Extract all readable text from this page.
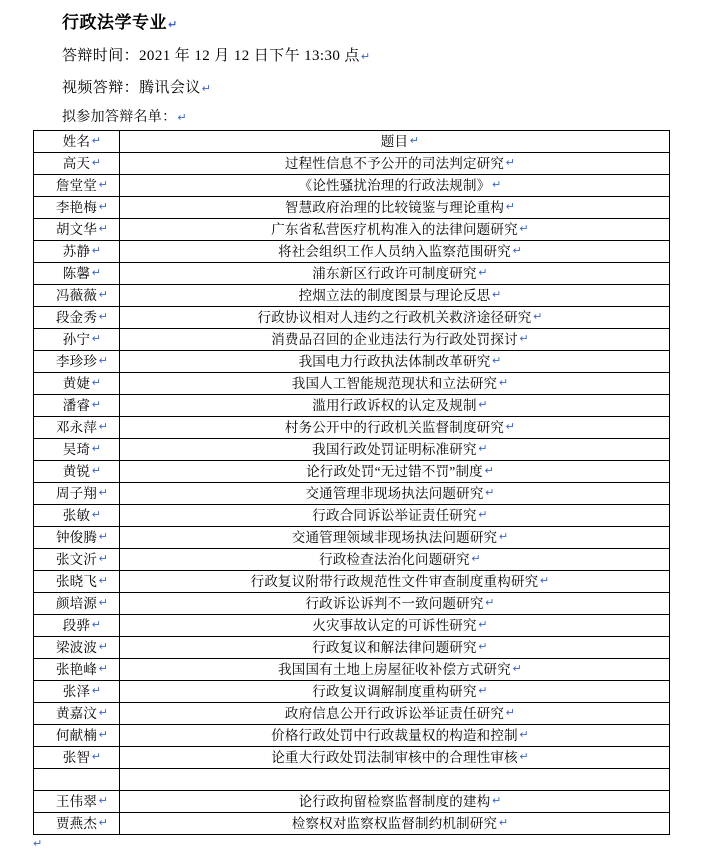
行政法学专业↵
答辩时间：2021 年 12 月 12 日下午 13:30 点↵
视频答辩：腾讯会议↵
拟参加答辩名单：↵
姓名 ↵	题目 ↵

高天 ↵	过程性信息不予公开的司法判定研究 ↵

詹堂堂 ↵	《论性骚扰治理的行政法规制》 ↵

李艳梅 ↵	智慧政府治理的比较镜鉴与理论重构 ↵

胡文华 ↵	广东省私营医疗机构准入的法律问题研究 ↵

苏静 ↵	将社会组织工作人员纳入监察范围研究 ↵

陈馨 ↵	浦东新区行政许可制度研究 ↵

冯薇薇 ↵	控烟立法的制度图景与理论反思 ↵

段金秀 ↵	行政协议相对人违约之行政机关救济途径研究 ↵

孙宁 ↵	消费品召回的企业违法行为行政处罚探讨 ↵

李珍珍 ↵	我国电力行政执法体制改革研究 ↵

黄婕 ↵	我国人工智能规范现状和立法研究 ↵

潘睿 ↵	滥用行政诉权的认定及规制 ↵

邓永萍 ↵	村务公开中的行政机关监督制度研究 ↵

吴琦 ↵	我国行政处罚证明标准研究 ↵

黄锐 ↵	论行政处罚“无过错不罚”制度 ↵

周子翔 ↵	交通管理非现场执法问题研究 ↵

张敏 ↵	行政合同诉讼举证责任研究 ↵

钟俊腾 ↵	交通管理领域非现场执法问题研究 ↵

张文沂 ↵	行政检查法治化问题研究 ↵

张晓飞 ↵	行政复议附带行政规范性文件审查制度重构研究 ↵

颜培源 ↵	行政诉讼诉判不一致问题研究 ↵

段骅 ↵	火灾事故认定的可诉性研究 ↵

梁波波 ↵	行政复议和解法律问题研究 ↵

张艳峰 ↵	我国国有土地上房屋征收补偿方式研究 ↵

张泽 ↵	行政复议调解制度重构研究 ↵

黄嘉汶 ↵	政府信息公开行政诉讼举证责任研究 ↵

何献楠 ↵	价格行政处罚中行政裁量权的构造和控制 ↵

张智 ↵	论重大行政处罚法制审核中的合理性审核 ↵

王伟翠 ↵	论行政拘留检察监督制度的建构 ↵

贾燕杰 ↵	检察权对监察权监督制约机制研究 ↵
↵
